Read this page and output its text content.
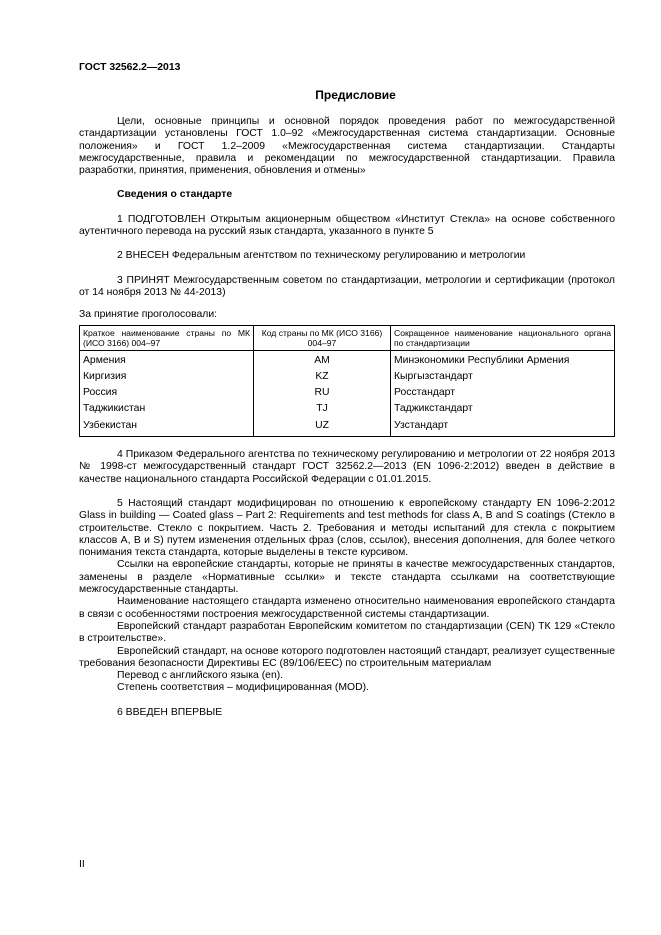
ГОСТ 32562.2—2013
Предисловие

Цели, основные принципы и основной порядок проведения работ по межгосударственной стандартизации установлены ГОСТ 1.0–92 «Межгосударственная система стандартизации. Основные положения» и ГОСТ 1.2–2009 «Межгосударственная система стандартизации. Стандарты межгосударственные, правила и рекомендации по межгосударственной стандартизации. Правила разработки, принятия, применения, обновления и отмены»

Сведения о стандарте

1 ПОДГОТОВЛЕН Открытым акционерным обществом «Институт Стекла» на основе собственного аутентичного перевода на русский язык стандарта, указанного в пункте 5

2 ВНЕСЕН Федеральным агентством по техническому регулированию и метрологии

3 ПРИНЯТ Межгосударственным советом по стандартизации, метрологии и сертификации (протокол от 14 ноября 2013 № 44-2013)

За принятие проголосовали:

Краткое наименование страны по МК (ИСО 3166) 004–97	Код страны по МК (ИСО 3166) 004–97	Сокращенное наименование национального органа по стандартизации
Армения	AM	Минэкономики Республики Армения
Киргизия	KZ	Кыргызстандарт
Россия	RU	Росстандарт
Таджикистан	TJ	Таджикстандарт
Узбекистан	UZ	Узстандарт

4 Приказом Федерального агентства по техническому регулированию и метрологии от 22 ноября 2013 № 1998-ст межгосударственный стандарт ГОСТ 32562.2—2013 (EN 1096-2:2012) введен в действие в качестве национального стандарта Российской Федерации с 01.01.2015.

5 Настоящий стандарт модифицирован по отношению к европейскому стандарту EN 1096-2:2012 Glass in building — Coated glass – Part 2: Requirements and test methods for class A, B and S coatings (Стекло в строительстве. Стекло с покрытием. Часть 2. Требования и методы испытаний для стекла с покрытием классов A, B и S) путем изменения отдельных фраз (слов, ссылок), внесения дополнения, для более четкого понимания текста стандарта, которые выделены в тексте курсивом.

Ссылки на европейские стандарты, которые не приняты в качестве межгосударственных стандартов, заменены в разделе «Нормативные ссылки» и тексте стандарта ссылками на соответствующие межгосударственные стандарты.

Наименование настоящего стандарта изменено относительно наименования европейского стандарта в связи с особенностями построения межгосударственной системы стандартизации.

Европейский стандарт разработан Европейским комитетом по стандартизации (CEN) ТК 129 «Стекло в строительстве».

Европейский стандарт, на основе которого подготовлен настоящий стандарт, реализует существенные требования безопасности Директивы ЕС (89/106/EEC) по строительным материалам

Перевод с английского языка (en).

Степень соответствия – модифицированная (MOD).

6 ВВЕДЕН ВПЕРВЫЕ

II
